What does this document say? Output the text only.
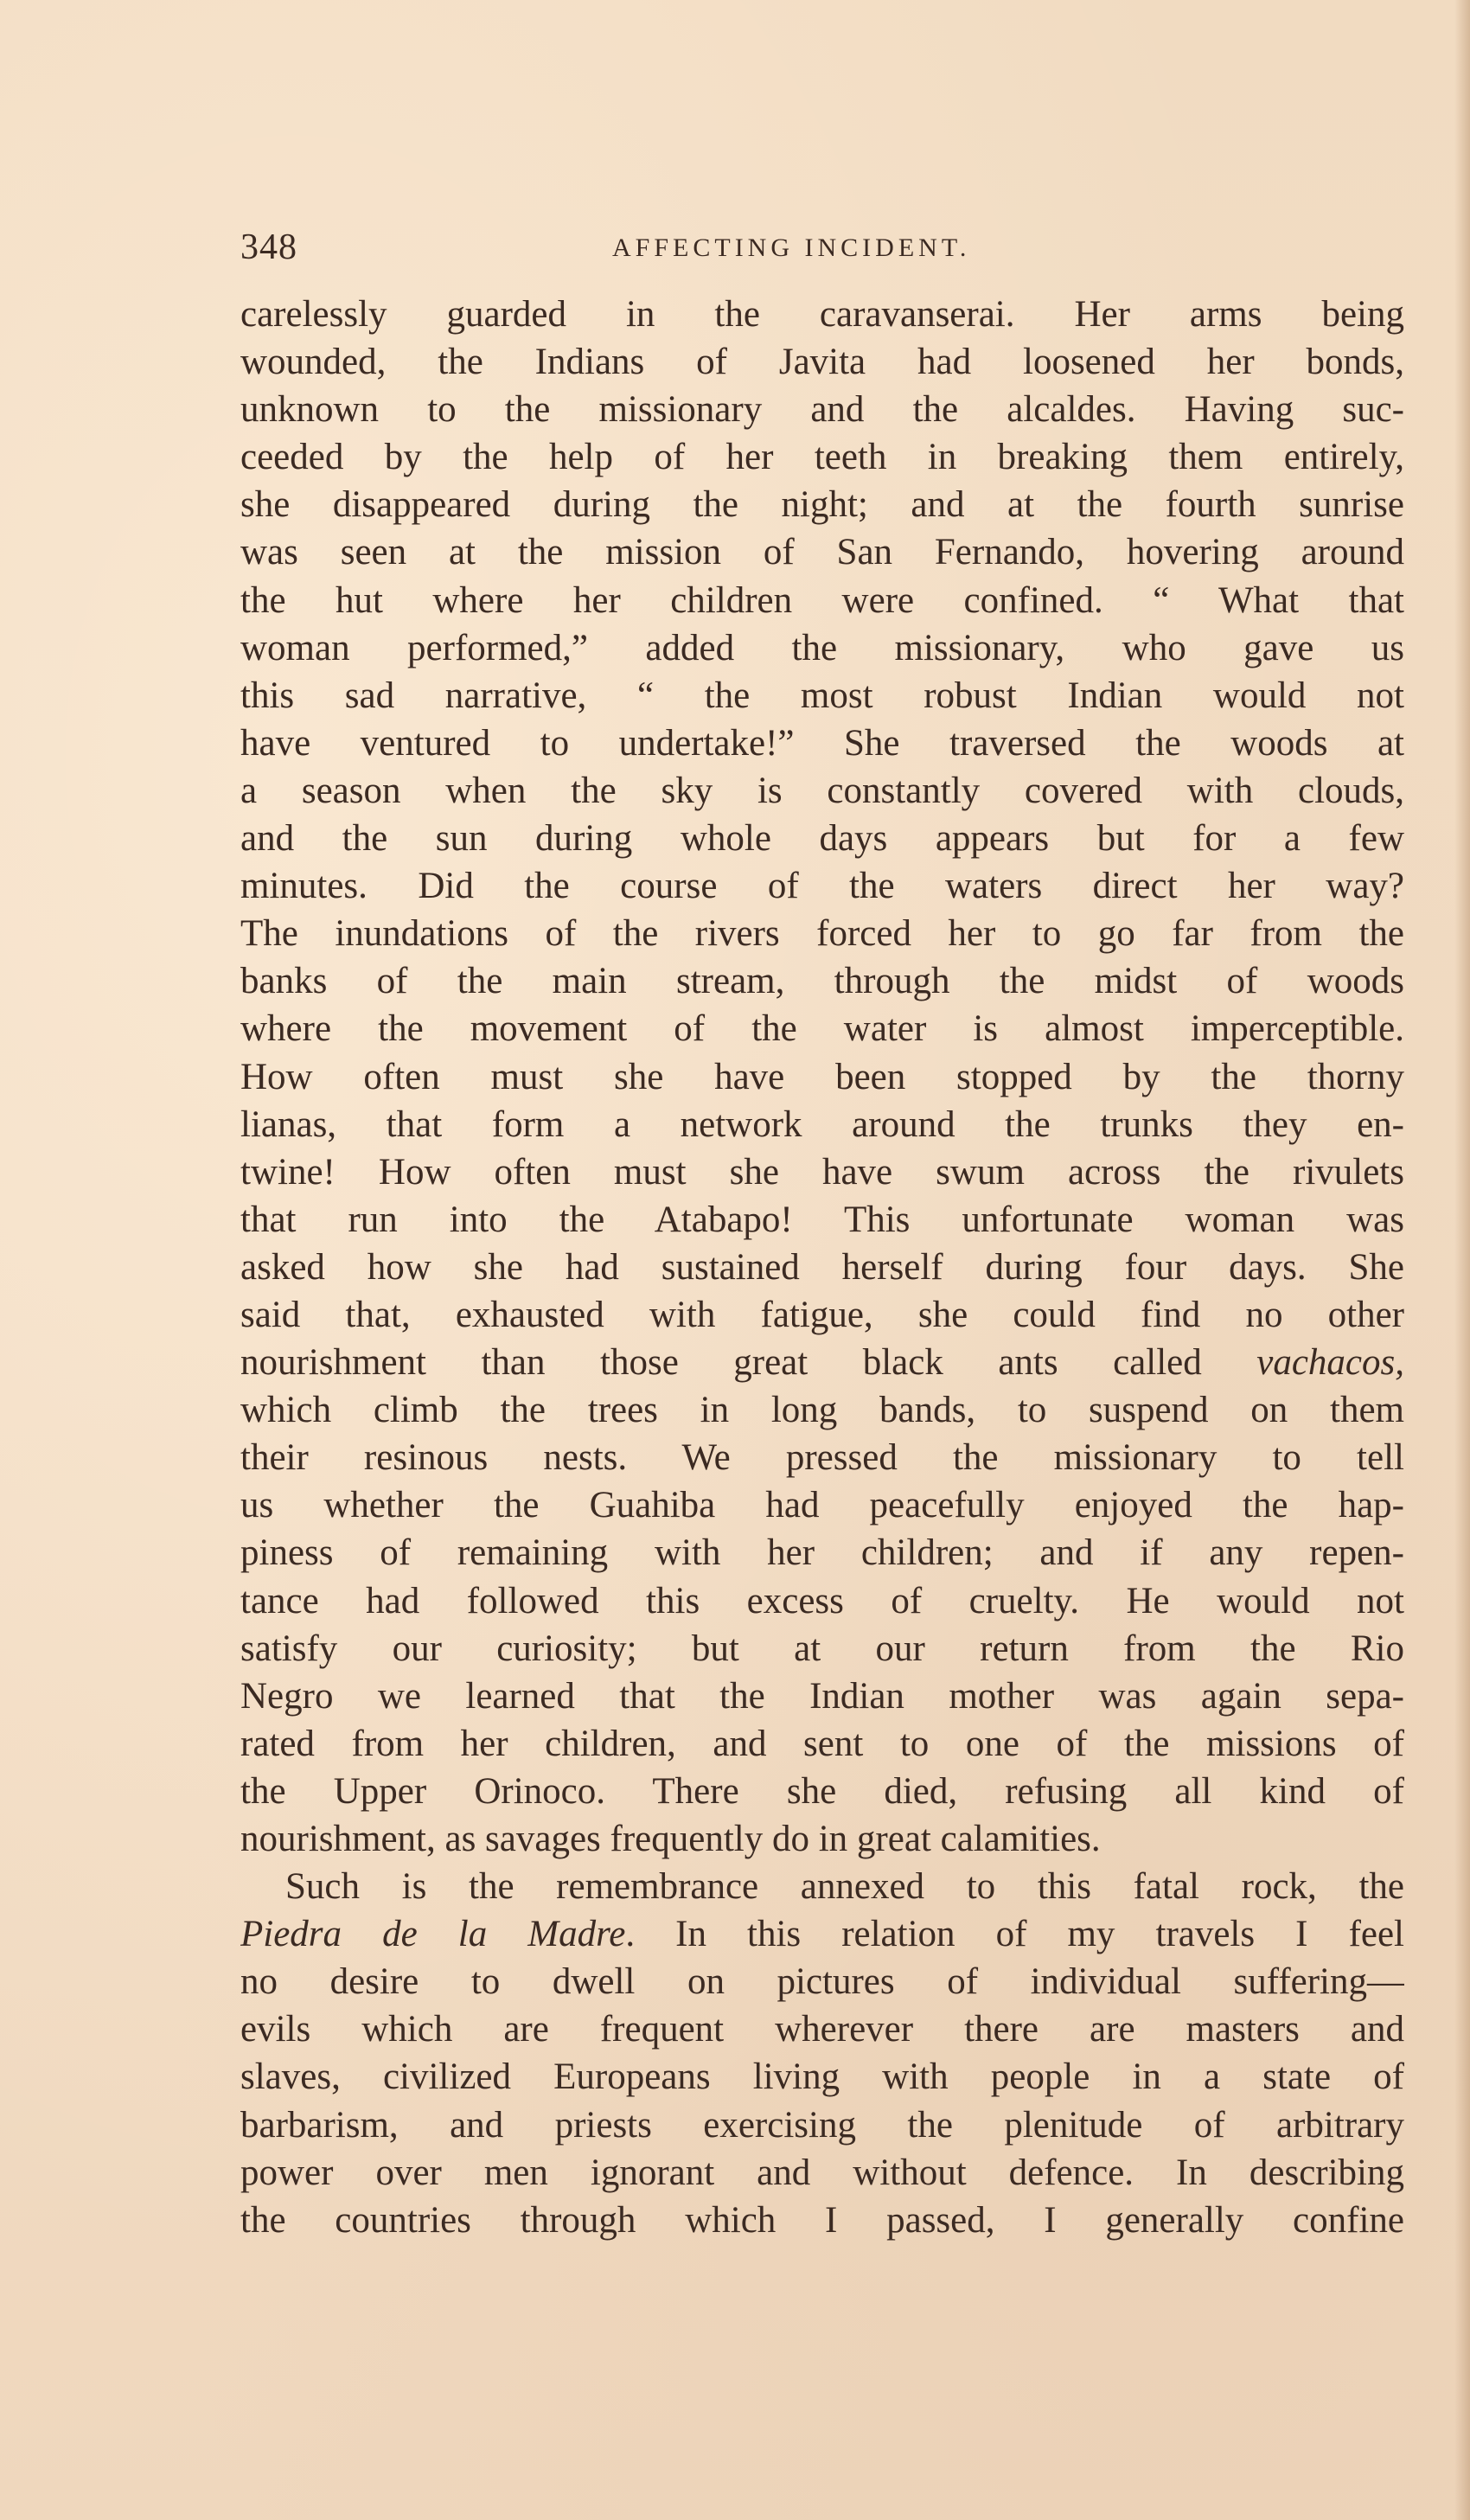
348	AFFECTING INCIDENT.
carelessly guarded in the caravanserai. Her arms being
wounded, the Indians of Javita had loosened her bonds,
unknown to the missionary and the alcaldes. Having suc-
ceeded by the help of her teeth in breaking them entirely,
she disappeared during the night; and at the fourth sunrise
was seen at the mission of San Fernando, hovering around
the hut where her children were confined. “ What that
woman performed,” added the missionary, who gave us
this sad narrative, “ the most robust Indian would not
have ventured to undertake!” She traversed the woods at
a season when the sky is constantly covered with clouds,
and the sun during whole days appears but for a few
minutes. Did the course of the waters direct her way?
The inundations of the rivers forced her to go far from the
banks of the main stream, through the midst of woods
where the movement of the water is almost imperceptible.
How often must she have been stopped by the thorny
lianas, that form a network around the trunks they en-
twine! How often must she have swum across the rivulets
that run into the Atabapo! This unfortunate woman was
asked how she had sustained herself during four days. She
said that, exhausted with fatigue, she could find no other
nourishment than those great black ants called vachacos,
which climb the trees in long bands, to suspend on them
their resinous nests. We pressed the missionary to tell
us whether the Guahiba had peacefully enjoyed the hap-
piness of remaining with her children; and if any repen-
tance had followed this excess of cruelty. He would not
satisfy our curiosity; but at our return from the Rio
Negro we learned that the Indian mother was again sepa-
rated from her children, and sent to one of the missions of
the Upper Orinoco. There she died, refusing all kind of
nourishment, as savages frequently do in great calamities.
Such is the remembrance annexed to this fatal rock, the
Piedra de la Madre. In this relation of my travels I feel
no desire to dwell on pictures of individual suffering—
evils which are frequent wherever there are masters and
slaves, civilized Europeans living with people in a state of
barbarism, and priests exercising the plenitude of arbitrary
power over men ignorant and without defence. In describing
the countries through which I passed, I generally confine
